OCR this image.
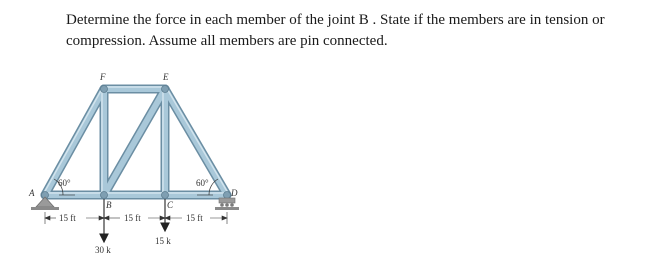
Determine the force in each member of the joint B . State if the members are in tension or
compression. Assume all members are pin connected.
A
F	E
D
B	C
60°	60°
15 ft	15 ft	15 ft
30 k
15 k
